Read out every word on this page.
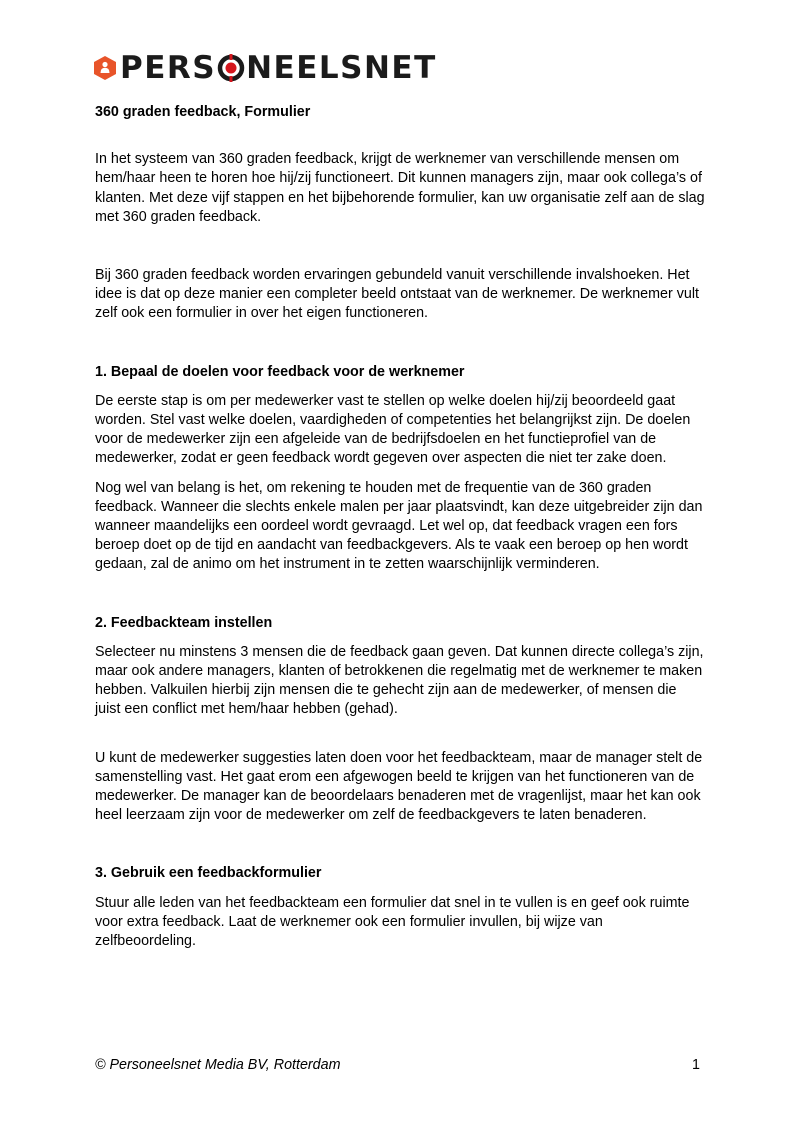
PERS NEELSNET

360 graden feedback, Formulier

In het systeem van 360 graden feedback, krijgt de werknemer van verschillende mensen om hem/haar heen te horen hoe hij/zij functioneert. Dit kunnen managers zijn, maar ook collega’s of klanten. Met deze vijf stappen en het bijbehorende formulier, kan uw organisatie zelf aan de slag met 360 graden feedback.

Bij 360 graden feedback worden ervaringen gebundeld vanuit verschillende invalshoeken. Het idee is dat op deze manier een completer beeld ontstaat van de werknemer. De werknemer vult zelf ook een formulier in over het eigen functioneren.

1. Bepaal de doelen voor feedback voor de werknemer

De eerste stap is om per medewerker vast te stellen op welke doelen hij/zij beoordeeld gaat worden. Stel vast welke doelen, vaardigheden of competenties het belangrijkst zijn. De doelen voor de medewerker zijn een afgeleide van de bedrijfsdoelen en het functieprofiel van de medewerker, zodat er geen feedback wordt gegeven over aspecten die niet ter zake doen.

Nog wel van belang is het, om rekening te houden met de frequentie van de 360 graden feedback. Wanneer die slechts enkele malen per jaar plaatsvindt, kan deze uitgebreider zijn dan wanneer maandelijks een oordeel wordt gevraagd. Let wel op, dat feedback vragen een fors beroep doet op de tijd en aandacht van feedbackgevers. Als te vaak een beroep op hen wordt gedaan, zal de animo om het instrument in te zetten waarschijnlijk verminderen.

2. Feedbackteam instellen

Selecteer nu minstens 3 mensen die de feedback gaan geven. Dat kunnen directe collega’s zijn, maar ook andere managers, klanten of betrokkenen die regelmatig met de werknemer te maken hebben. Valkuilen hierbij zijn mensen die te gehecht zijn aan de medewerker, of mensen die juist een conflict met hem/haar hebben (gehad).

U kunt de medewerker suggesties laten doen voor het feedbackteam, maar de manager stelt de samenstelling vast. Het gaat erom een afgewogen beeld te krijgen van het functioneren van de medewerker. De manager kan de beoordelaars benaderen met de vragenlijst, maar het kan ook heel leerzaam zijn voor de medewerker om zelf de feedbackgevers te laten benaderen.

3. Gebruik een feedbackformulier

Stuur alle leden van het feedbackteam een formulier dat snel in te vullen is en geef ook ruimte voor extra feedback. Laat de werknemer ook een formulier invullen, bij wijze van zelfbeoordeling.

© Personeelsnet Media BV, Rotterdam	1
